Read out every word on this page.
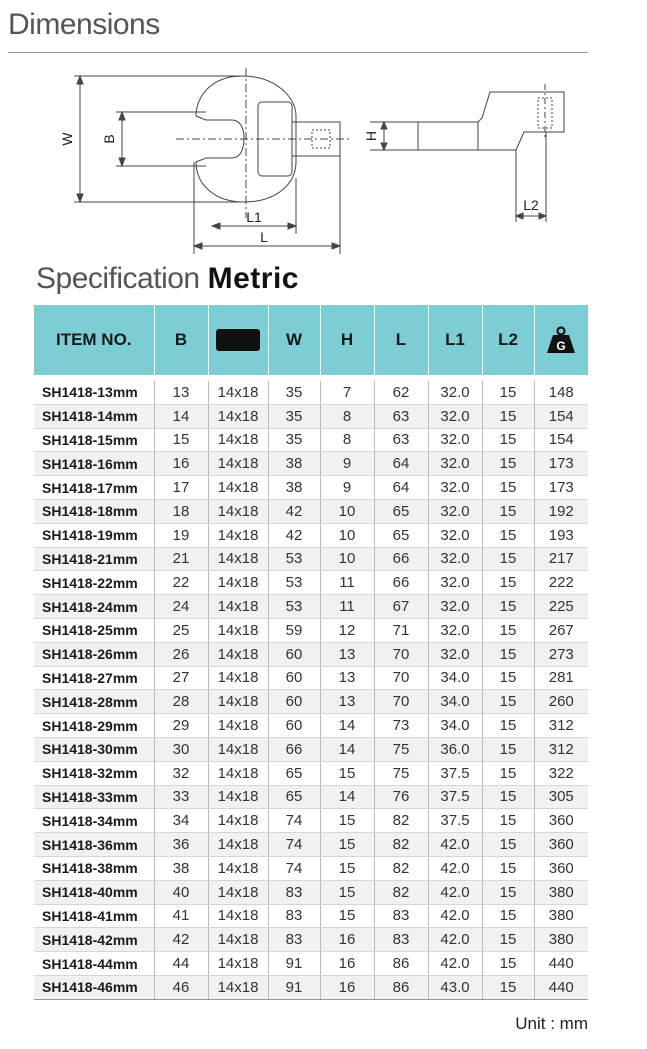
Dimensions
W B	H
L1
L
L2
Specification Metric
ITEM NO.	B		W	H	L	L1	L2	G

SH1418-13mm	13	14x18	35	7	62	32.0	15	148
SH1418-14mm	14	14x18	35	8	63	32.0	15	154
SH1418-15mm	15	14x18	35	8	63	32.0	15	154
SH1418-16mm	16	14x18	38	9	64	32.0	15	173
SH1418-17mm	17	14x18	38	9	64	32.0	15	173
SH1418-18mm	18	14x18	42	10	65	32.0	15	192
SH1418-19mm	19	14x18	42	10	65	32.0	15	193
SH1418-21mm	21	14x18	53	10	66	32.0	15	217
SH1418-22mm	22	14x18	53	11	66	32.0	15	222
SH1418-24mm	24	14x18	53	11	67	32.0	15	225
SH1418-25mm	25	14x18	59	12	71	32.0	15	267
SH1418-26mm	26	14x18	60	13	70	32.0	15	273
SH1418-27mm	27	14x18	60	13	70	34.0	15	281
SH1418-28mm	28	14x18	60	13	70	34.0	15	260
SH1418-29mm	29	14x18	60	14	73	34.0	15	312
SH1418-30mm	30	14x18	66	14	75	36.0	15	312
SH1418-32mm	32	14x18	65	15	75	37.5	15	322
SH1418-33mm	33	14x18	65	14	76	37.5	15	305
SH1418-34mm	34	14x18	74	15	82	37.5	15	360
SH1418-36mm	36	14x18	74	15	82	42.0	15	360
SH1418-38mm	38	14x18	74	15	82	42.0	15	360
SH1418-40mm	40	14x18	83	15	82	42.0	15	380
SH1418-41mm	41	14x18	83	15	83	42.0	15	380
SH1418-42mm	42	14x18	83	16	83	42.0	15	380
SH1418-44mm	44	14x18	91	16	86	42.0	15	440
SH1418-46mm	46	14x18	91	16	86	43.0	15	440
Unit : mm
